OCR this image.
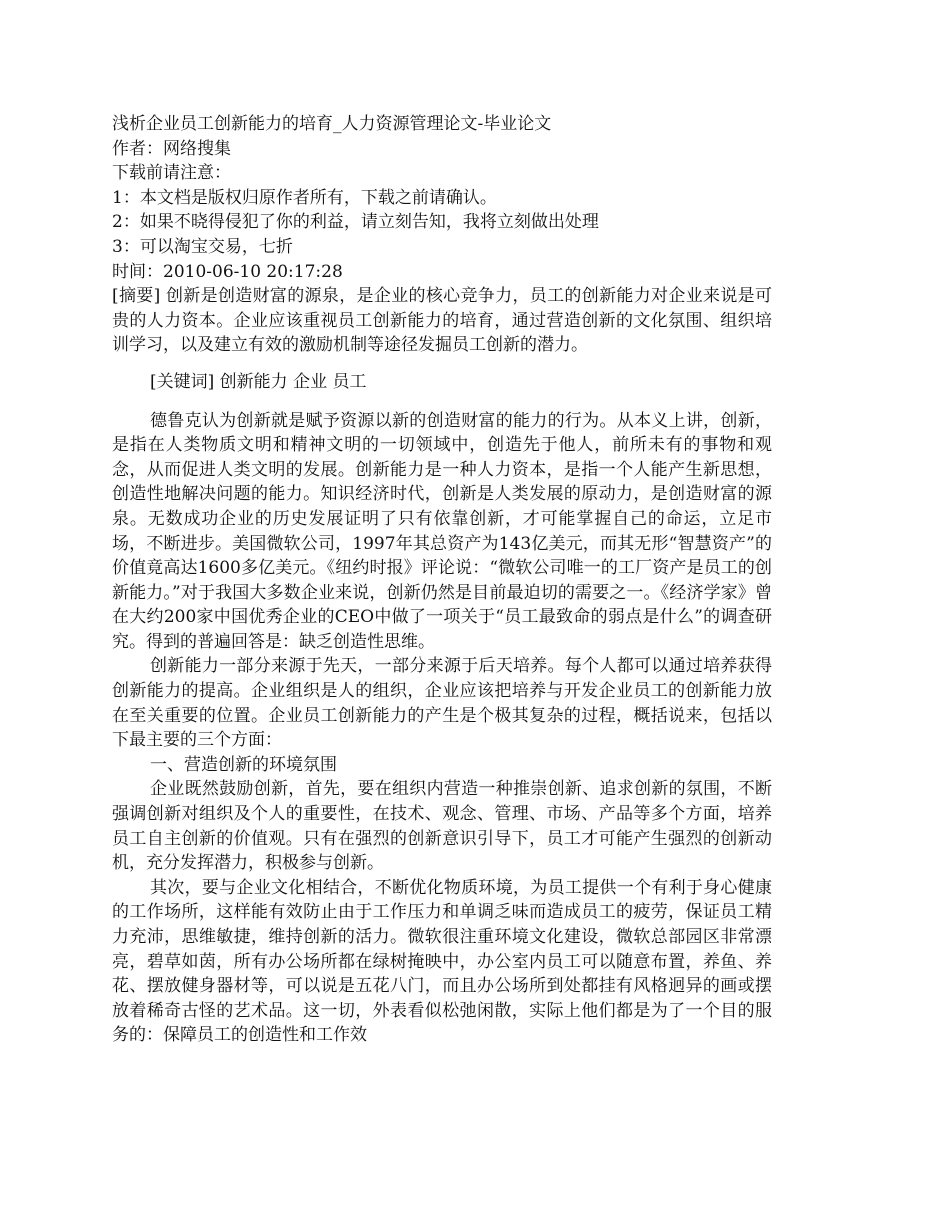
浅析企业员工创新能力的培育_人力资源管理论文-毕业论文
作者：网络搜集
下载前请注意：
1：本文档是版权归原作者所有，下载之前请确认。
2：如果不晓得侵犯了你的利益，请立刻告知，我将立刻做出处理
3：可以淘宝交易，七折
时间：2010-06-10 20:17:28
[摘要] 创新是创造财富的源泉，是企业的核心竞争力，员工的创新能力对企业来说是可贵的人力资本。企业应该重视员工创新能力的培育，通过营造创新的文化氛围、组织培训学习，以及建立有效的激励机制等途径发掘员工创新的潜力。
[关键词] 创新能力 企业 员工
德鲁克认为创新就是赋予资源以新的创造财富的能力的行为。从本义上讲，创新，是指在人类物质文明和精神文明的一切领域中，创造先于他人，前所未有的事物和观念，从而促进人类文明的发展。创新能力是一种人力资本，是指一个人能产生新思想，创造性地解决问题的能力。知识经济时代，创新是人类发展的原动力，是创造财富的源泉。无数成功企业的历史发展证明了只有依靠创新，才可能掌握自己的命运，立足市场，不断进步。美国微软公司，1997年其总资产为143亿美元，而其无形“智慧资产”的价值竟高达1600多亿美元。《纽约时报》评论说：“微软公司唯一的工厂资产是员工的创新能力。”对于我国大多数企业来说，创新仍然是目前最迫切的需要之一。《经济学家》曾在大约200家中国优秀企业的CEO中做了一项关于“员工最致命的弱点是什么”的调查研究。得到的普遍回答是：缺乏创造性思维。
创新能力一部分来源于先天，一部分来源于后天培养。每个人都可以通过培养获得创新能力的提高。企业组织是人的组织，企业应该把培养与开发企业员工的创新能力放在至关重要的位置。企业员工创新能力的产生是个极其复杂的过程，概括说来，包括以下最主要的三个方面：
一、营造创新的环境氛围
企业既然鼓励创新，首先，要在组织内营造一种推崇创新、追求创新的氛围，不断强调创新对组织及个人的重要性，在技术、观念、管理、市场、产品等多个方面，培养员工自主创新的价值观。只有在强烈的创新意识引导下，员工才可能产生强烈的创新动机，充分发挥潜力，积极参与创新。
其次，要与企业文化相结合，不断优化物质环境，为员工提供一个有利于身心健康的工作场所，这样能有效防止由于工作压力和单调乏味而造成员工的疲劳，保证员工精力充沛，思维敏捷，维持创新的活力。微软很注重环境文化建设，微软总部园区非常漂亮，碧草如茵，所有办公场所都在绿树掩映中，办公室内员工可以随意布置，养鱼、养花、摆放健身器材等，可以说是五花八门，而且办公场所到处都挂有风格迥异的画或摆放着稀奇古怪的艺术品。这一切，外表看似松弛闲散，实际上他们都是为了一个目的服务的：保障员工的创造性和工作效
